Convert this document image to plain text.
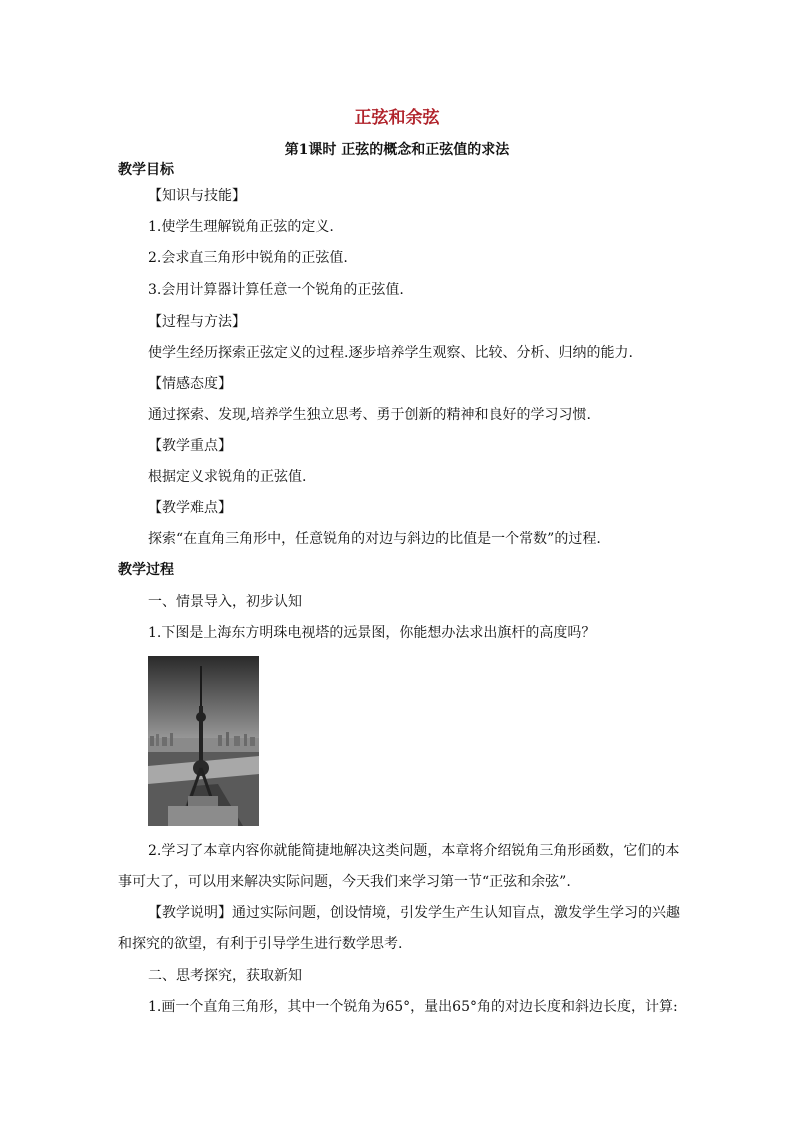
正弦和余弦
第1课时 正弦的概念和正弦值的求法
教学目标
【知识与技能】
1.使学生理解锐角正弦的定义.
2.会求直三角形中锐角的正弦值.
3.会用计算器计算任意一个锐角的正弦值.
【过程与方法】
使学生经历探索正弦定义的过程.逐步培养学生观察、比较、分析、归纳的能力.
【情感态度】
通过探索、发现,培养学生独立思考、勇于创新的精神和良好的学习习惯.
【教学重点】
根据定义求锐角的正弦值.
【教学难点】
探索“在直角三角形中，任意锐角的对边与斜边的比值是一个常数”的过程.
教学过程
一、情景导入，初步认知
1.下图是上海东方明珠电视塔的远景图，你能想办法求出旗杆的高度吗？
2.学习了本章内容你就能简捷地解决这类问题，本章将介绍锐角三角形函数，它们的本
事可大了，可以用来解决实际问题，今天我们来学习第一节“正弦和余弦”.
【教学说明】通过实际问题，创设情境，引发学生产生认知盲点，激发学生学习的兴趣
和探究的欲望，有利于引导学生进行数学思考.
二、思考探究，获取新知
1.画一个直角三角形，其中一个锐角为65°，量出65°角的对边长度和斜边长度，计算:
